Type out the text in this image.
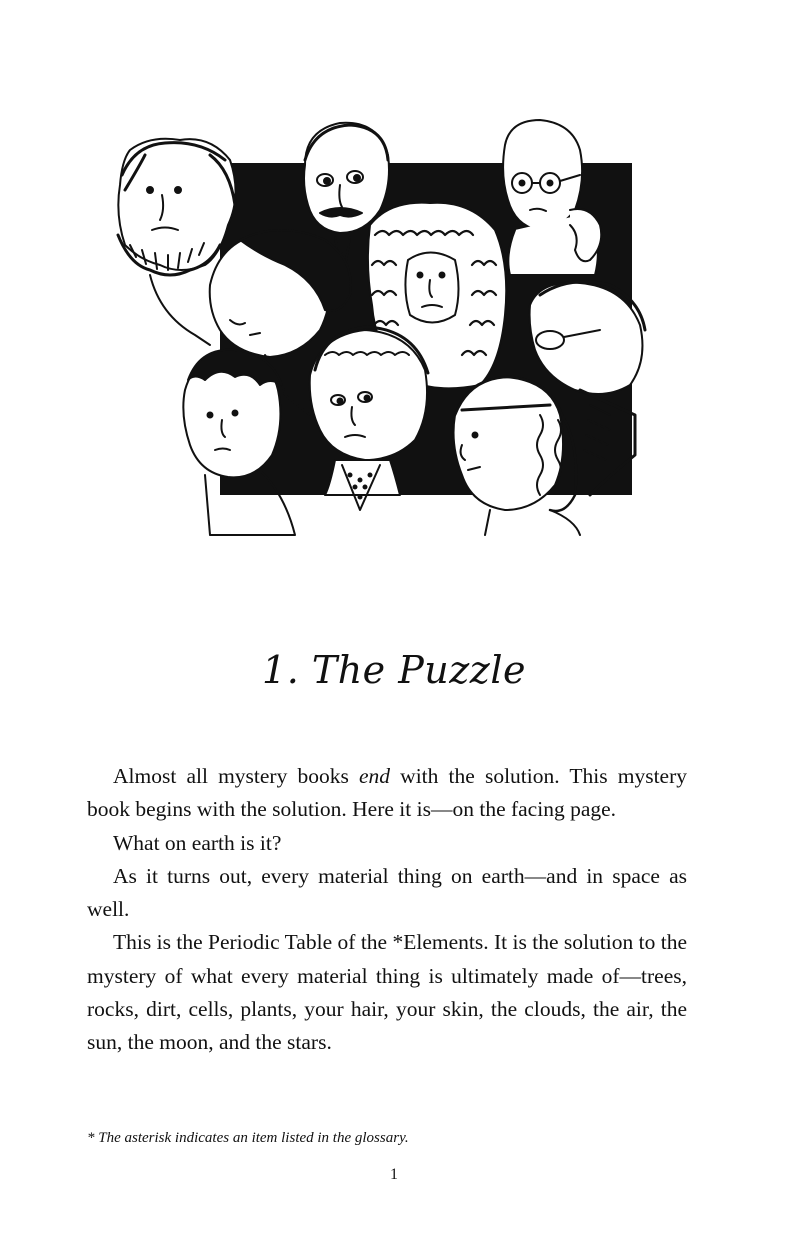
1. The Puzzle

Almost all mystery books end with the solution. This mystery book begins with the solution. Here it is—on the facing page.

What on earth is it?

As it turns out, every material thing on earth—and in space as well.

This is the Periodic Table of the *Elements. It is the solution to the mystery of what every material thing is ultimately made of—trees, rocks, dirt, cells, plants, your hair, your skin, the clouds, the air, the sun, the moon, and the stars.

* The asterisk indicates an item listed in the glossary.
1
